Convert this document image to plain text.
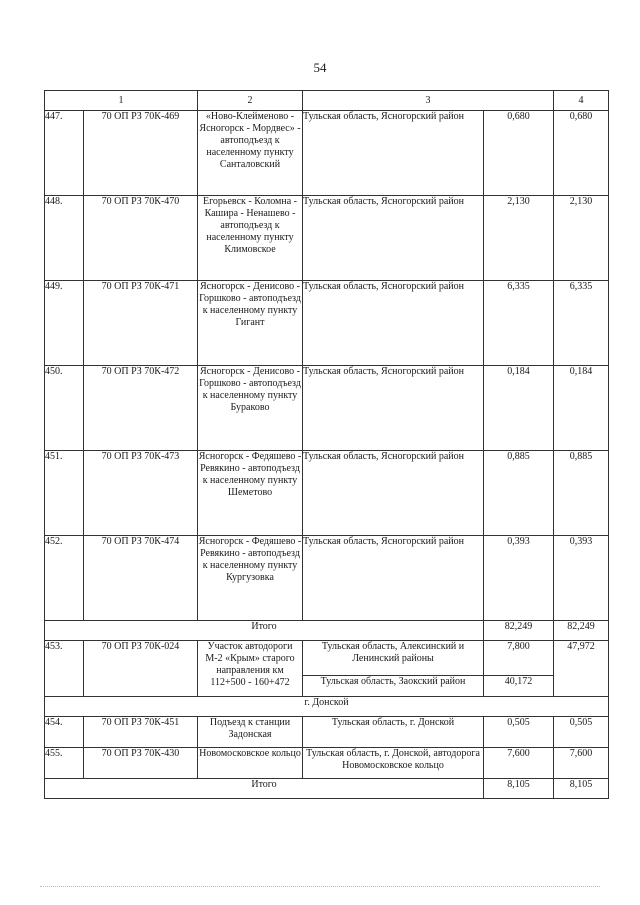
54
1		2	3		4
447.	70 ОП РЗ 70К-469	«Ново-Клейменово - Ясногорск - Мордвес» - автоподъезд к населенному пункту Санталовский	Тульская область, Ясногорский район	0,680	0,680
448.	70 ОП РЗ 70К-470	Егорьевск - Коломна - Кашира - Ненашево - автоподъезд к населенному пункту Климовское	Тульская область, Ясногорский район	2,130	2,130
449.	70 ОП РЗ 70К-471	Ясногорск - Денисово - Горшково - автоподъезд к населенному пункту Гигант	Тульская область, Ясногорский район	6,335	6,335
450.	70 ОП РЗ 70К-472	Ясногорск - Денисово - Горшково - автоподъезд к населенному пункту Бураково	Тульская область, Ясногорский район	0,184	0,184
451.	70 ОП РЗ 70К-473	Ясногорск - Федяшево - Ревякино - автоподъезд к населенному пункту Шеметово	Тульская область, Ясногорский район	0,885	0,885
452.	70 ОП РЗ 70К-474	Ясногорск - Федяшево - Ревякино - автоподъезд к населенному пункту Кургузовка	Тульская область, Ясногорский район	0,393	0,393
Итого				82,249	82,249
453.	70 ОП РЗ 70К-024	Участок автодороги М-2 «Крым» старого направления км 112+500 - 160+472	Тульская область, Алексинский и Ленинский районы	7,800	47,972
			Тульская область, Заокский район	40,172	
г. Донской					
454.	70 ОП РЗ 70К-451	Подъезд к станции Задонская	Тульская область, г. Донской	0,505	0,505
455.	70 ОП РЗ 70К-430	Новомосковское кольцо	Тульская область, г. Донской, автодорога Новомосковское кольцо	7,600	7,600
Итого				8,105	8,105
